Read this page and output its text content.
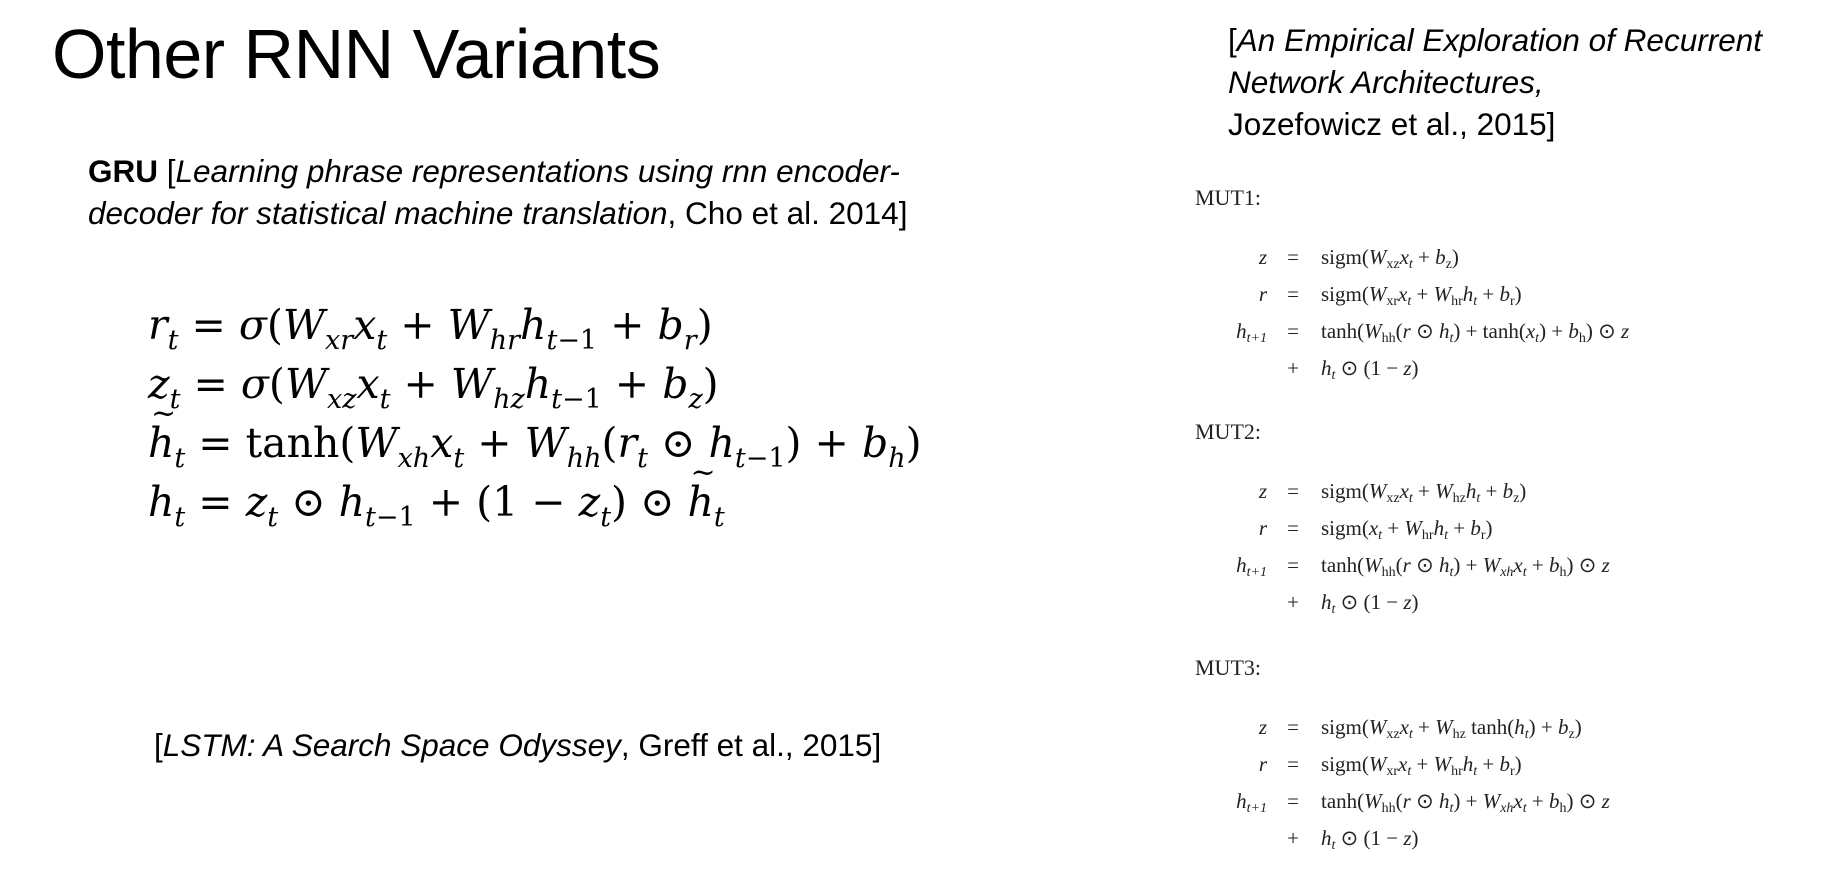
Other RNN Variants
GRU [Learning phrase representations using rnn encoder-decoder for statistical machine translation, Cho et al. 2014]
$r_t = \sigma(W_{xr}x_t + W_{hr}h_{t-1} + b_r)$
$z_t = \sigma(W_{xz}x_t + W_{hz}h_{t-1} + b_z)$
~ $h_t = \tanh(W_{xh}x_t + W_{hh}(r_t$ ⊙ $h_{t-1}) + b_h$)
$h_t = z_t$ ⊙ $h_{t-1} + (1 - z_t)$ ⊙ ~ $h_t$
[LSTM: A Search Space Odyssey, Greff et al., 2015]
[An Empirical Exploration of Recurrent Network Architectures,
Jozefowicz et al., 2015]
MUT1:
z	=	$sigm(W_{xz}x_t + b_z)$
r	=	$sigm(W_{xr}x_t + W_{hr}h_t + b_r)$
$h_{t+1}$	=	$\tanh(W_{hh}(r$ ⊙ $h_t) + \tanh(x_t) + b_h$) ⊙ z
	+	$h_t$ ⊙ (1 − z)
MUT2:
z	=	$sigm(W_{xz}x_t + W_{hz}h_t + b_z)$
r	=	$sigm(x_t + W_{hr}h_t + b_r)$
$h_{t+1}$	=	$\tanh(W_{hh}(r$ ⊙ $h_t) + W_{xh}x_t + b_h$) ⊙ z
	+	$h_t$ ⊙ (1 − z)
MUT3:
z	=	$sigm(W_{xz}x_t + W_{hz}$ $\tanh(h_t) + b_z$)
r	=	$sigm(W_{xr}x_t + W_{hr}h_t + b_r)$
$h_{t+1}$	=	$\tanh(W_{hh}(r$ ⊙ $h_t) + W_{xh}x_t + b_h$) ⊙ z
	+	$h_t$ ⊙ (1 − z)
